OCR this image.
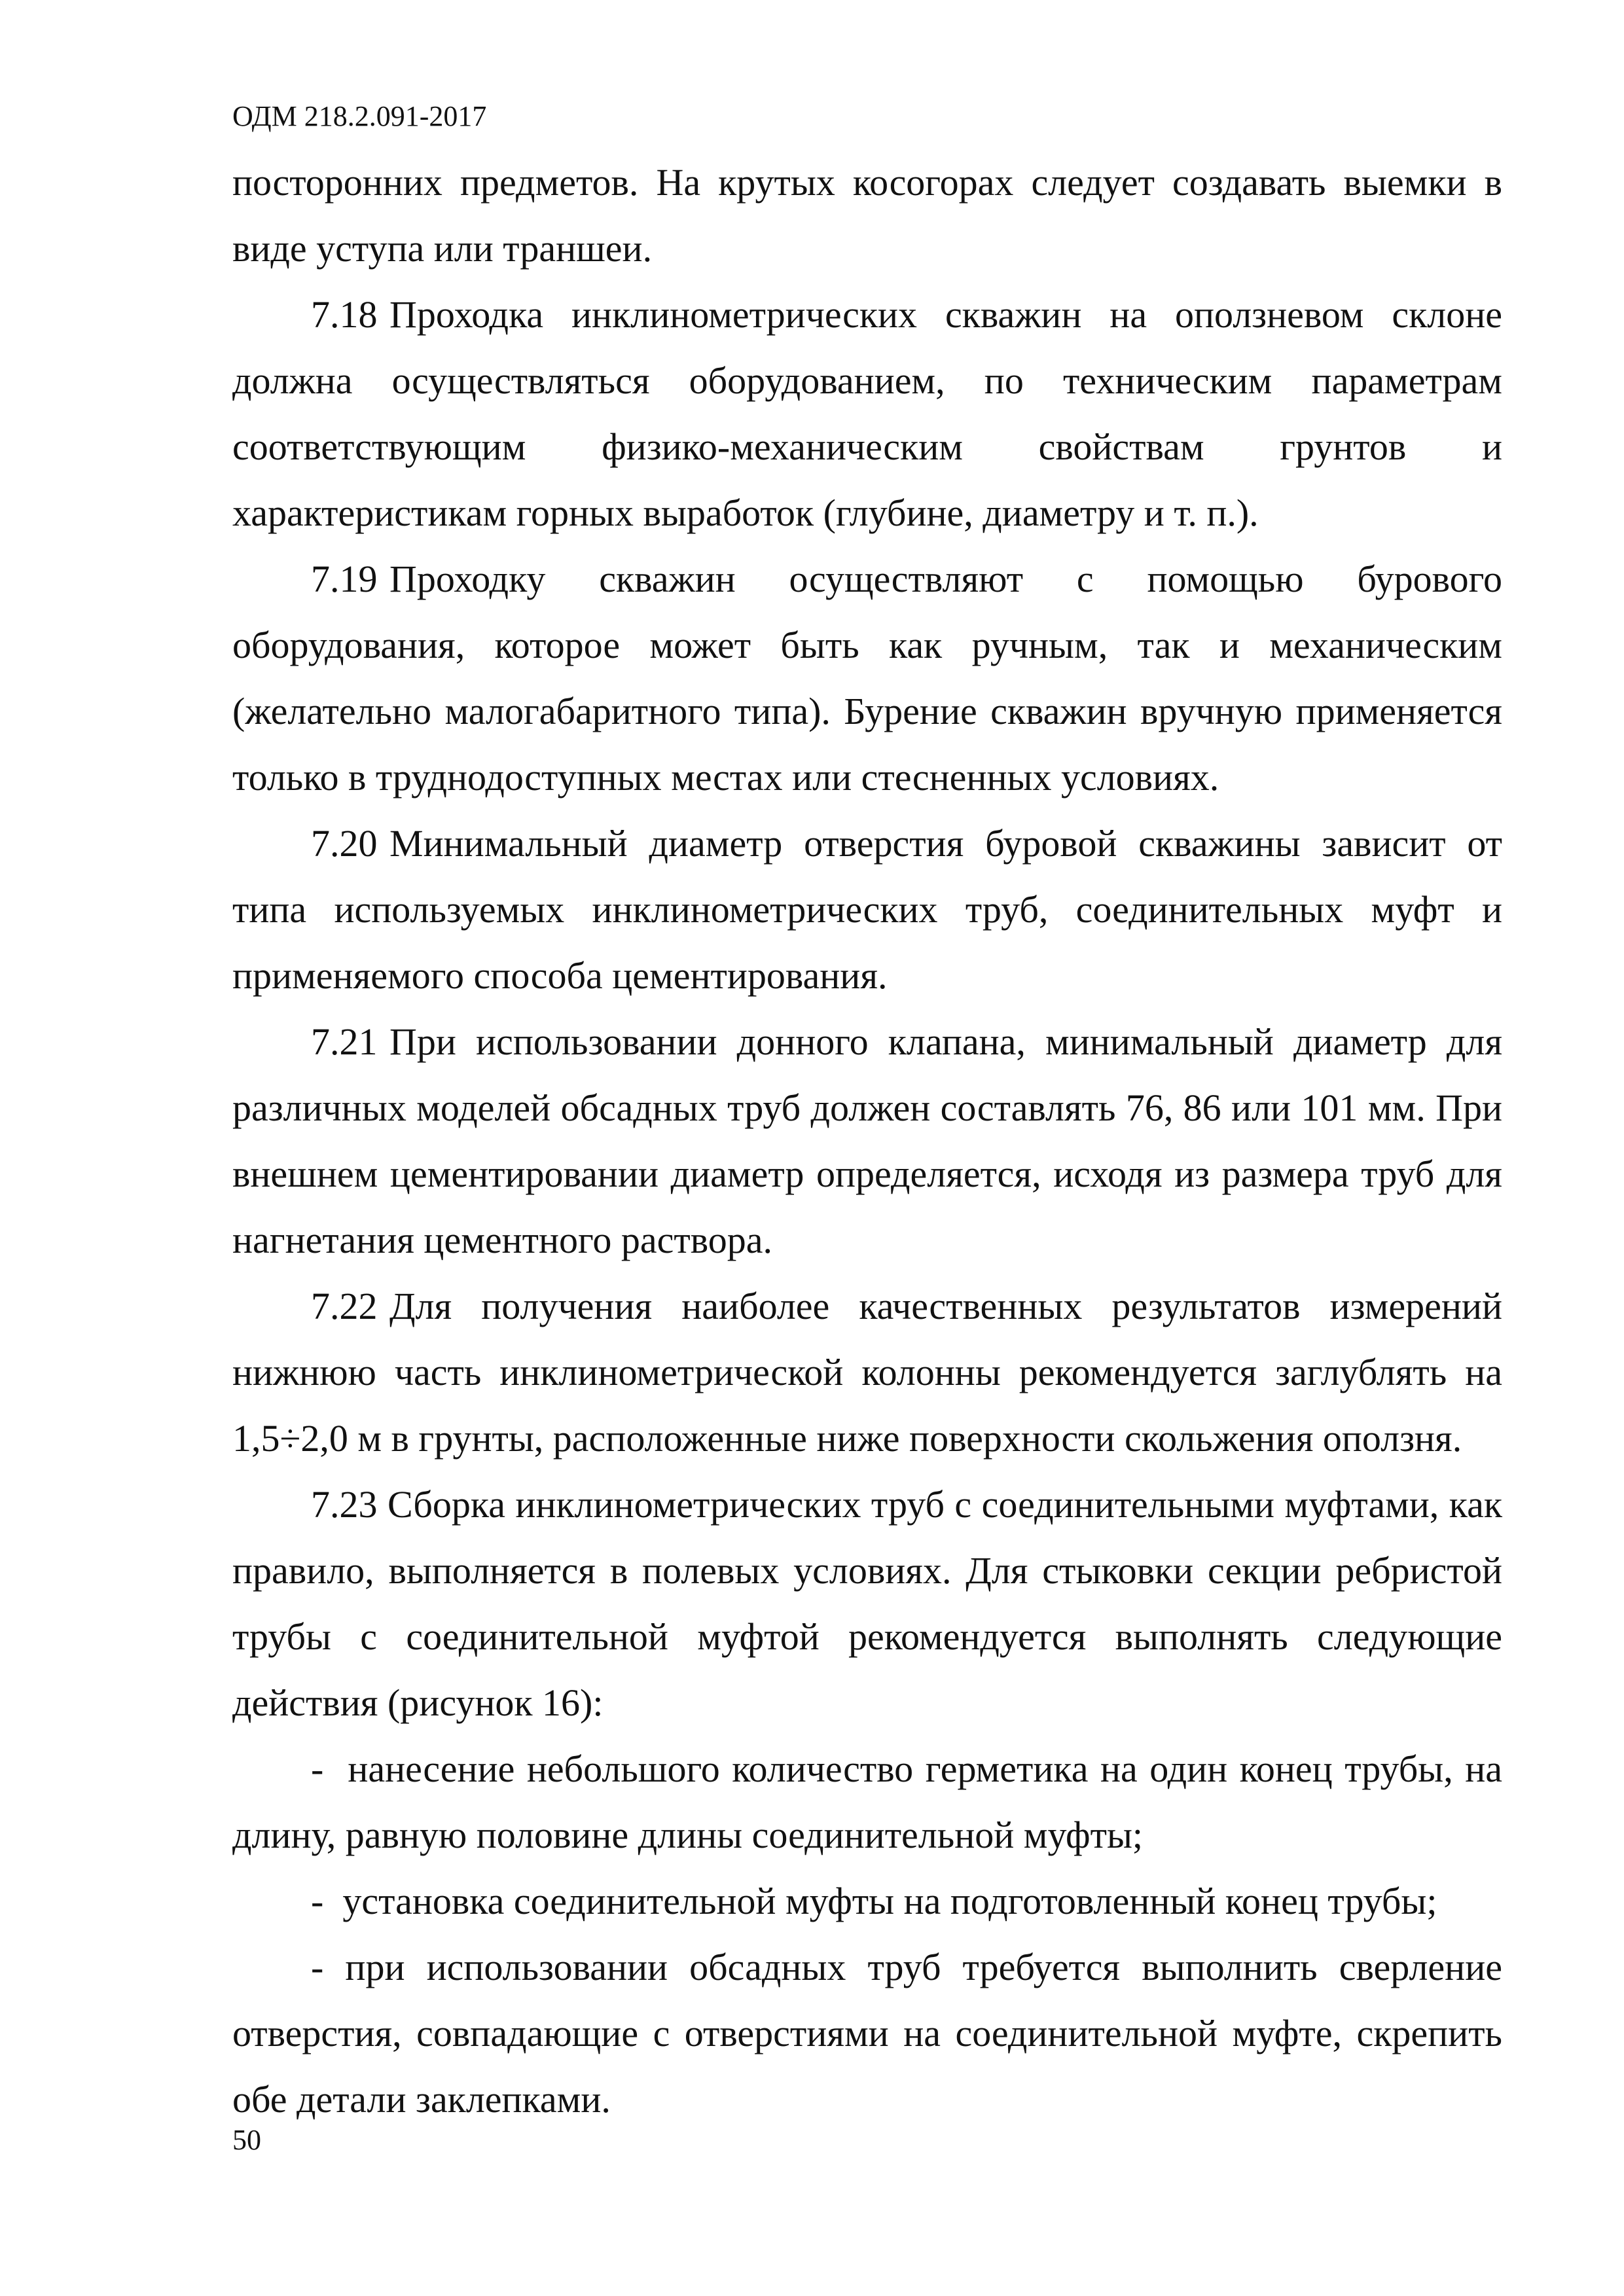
ОДМ 218.2.091-2017

посторонних предметов. На крутых косогорах следует создавать выемки в виде уступа или траншеи.

7.18 Проходка инклинометрических скважин на оползневом склоне должна осуществляться оборудованием, по техническим параметрам соответствующим физико-механическим свойствам грунтов и характеристикам горных выработок (глубине, диаметру и т. п.).

7.19 Проходку скважин осуществляют с помощью бурового оборудования, которое может быть как ручным, так и механическим (желательно малогабаритного типа). Бурение скважин вручную применяется только в труднодоступных местах или стесненных условиях.

7.20 Минимальный диаметр отверстия буровой скважины зависит от типа используемых инклинометрических труб, соединительных муфт и применяемого способа цементирования.

7.21 При использовании донного клапана, минимальный диаметр для различных моделей обсадных труб должен составлять 76, 86 или 101 мм. При внешнем цементировании диаметр определяется, исходя из размера труб для нагнетания цементного раствора.

7.22 Для получения наиболее качественных результатов измерений нижнюю часть инклинометрической колонны рекомендуется заглублять на 1,5÷2,0 м в грунты, расположенные ниже поверхности скольжения оползня.

7.23 Сборка инклинометрических труб с соединительными муфтами, как правило, выполняется в полевых условиях. Для стыковки секции ребристой трубы с соединительной муфтой рекомендуется выполнять следующие действия (рисунок 16):

- нанесение небольшого количество герметика на один конец трубы, на длину, равную половине длины соединительной муфты;

- установка соединительной муфты на подготовленный конец трубы;

- при использовании обсадных труб требуется выполнить сверление отверстия, совпадающие с отверстиями на соединительной муфте, скрепить обе детали заклепками.

50
